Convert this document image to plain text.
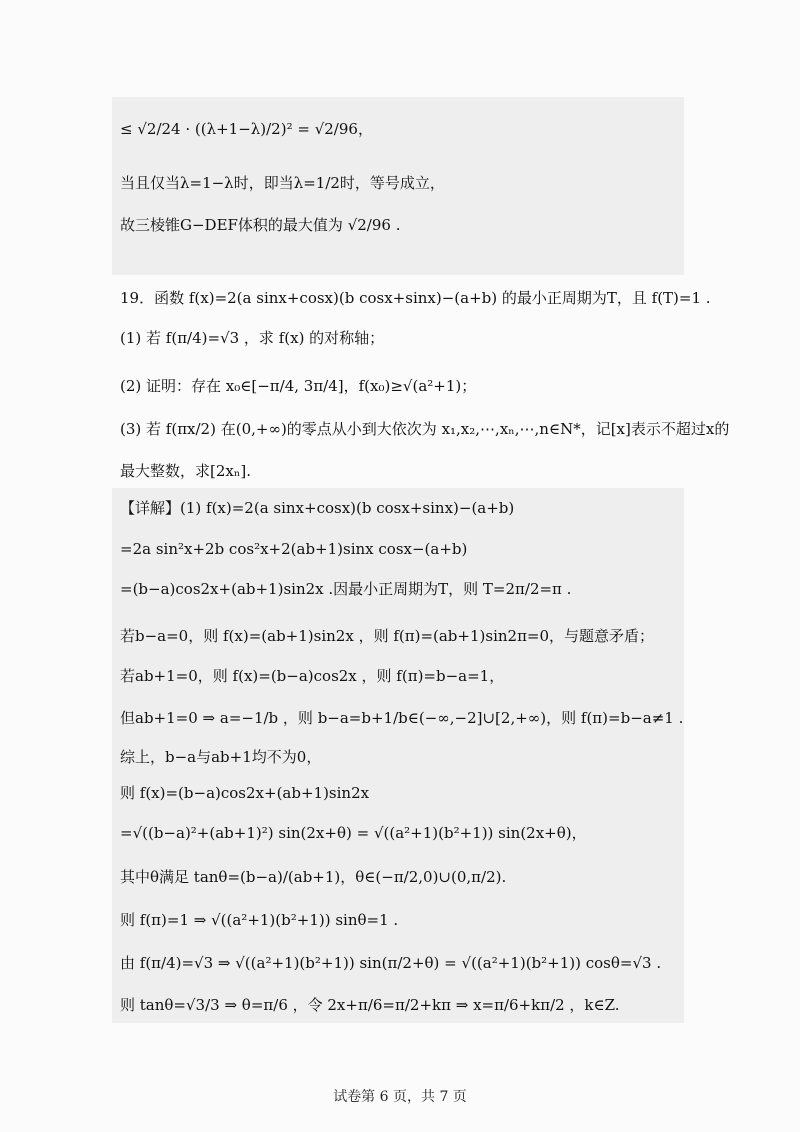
≤ √2/24 · ((λ+1−λ)/2)² = √2/96，
当且仅当λ=1−λ时，即当λ=1/2时，等号成立，
故三棱锥G−DEF体积的最大值为 √2/96 .
19．函数 f(x)=2(a sinx+cosx)(b cosx+sinx)−(a+b) 的最小正周期为T，且 f(T)=1 .
(1) 若 f(π/4)=√3 ，求 f(x) 的对称轴；
(2) 证明：存在 x₀∈[−π/4, 3π/4]，f(x₀)≥√(a²+1)；
(3) 若 f(πx/2) 在(0,+∞)的零点从小到大依次为 x₁,x₂,⋯,xₙ,⋯,n∈N*，记[x]表示不超过x的
最大整数，求[2xₙ].
【详解】(1) f(x)=2(a sinx+cosx)(b cosx+sinx)−(a+b)
=2a sin²x+2b cos²x+2(ab+1)sinx cosx−(a+b)
=(b−a)cos2x+(ab+1)sin2x .因最小正周期为T，则 T=2π/2=π .
若b−a=0，则 f(x)=(ab+1)sin2x ，则 f(π)=(ab+1)sin2π=0，与题意矛盾；
若ab+1=0，则 f(x)=(b−a)cos2x ，则 f(π)=b−a=1，
但ab+1=0 ⇒ a=−1/b ，则 b−a=b+1/b∈(−∞,−2]∪[2,+∞)，则 f(π)=b−a≠1 .
综上，b−a与ab+1均不为0，
则 f(x)=(b−a)cos2x+(ab+1)sin2x
=√((b−a)²+(ab+1)²) sin(2x+θ) = √((a²+1)(b²+1)) sin(2x+θ)，
其中θ满足 tanθ=(b−a)/(ab+1)，θ∈(−π/2,0)∪(0,π/2).
则 f(π)=1 ⇒ √((a²+1)(b²+1)) sinθ=1 .
由 f(π/4)=√3 ⇒ √((a²+1)(b²+1)) sin(π/2+θ) = √((a²+1)(b²+1)) cosθ=√3 .
则 tanθ=√3/3 ⇒ θ=π/6 ，令 2x+π/6=π/2+kπ ⇒ x=π/6+kπ/2 ，k∈Z.
试卷第 6 页，共 7 页
